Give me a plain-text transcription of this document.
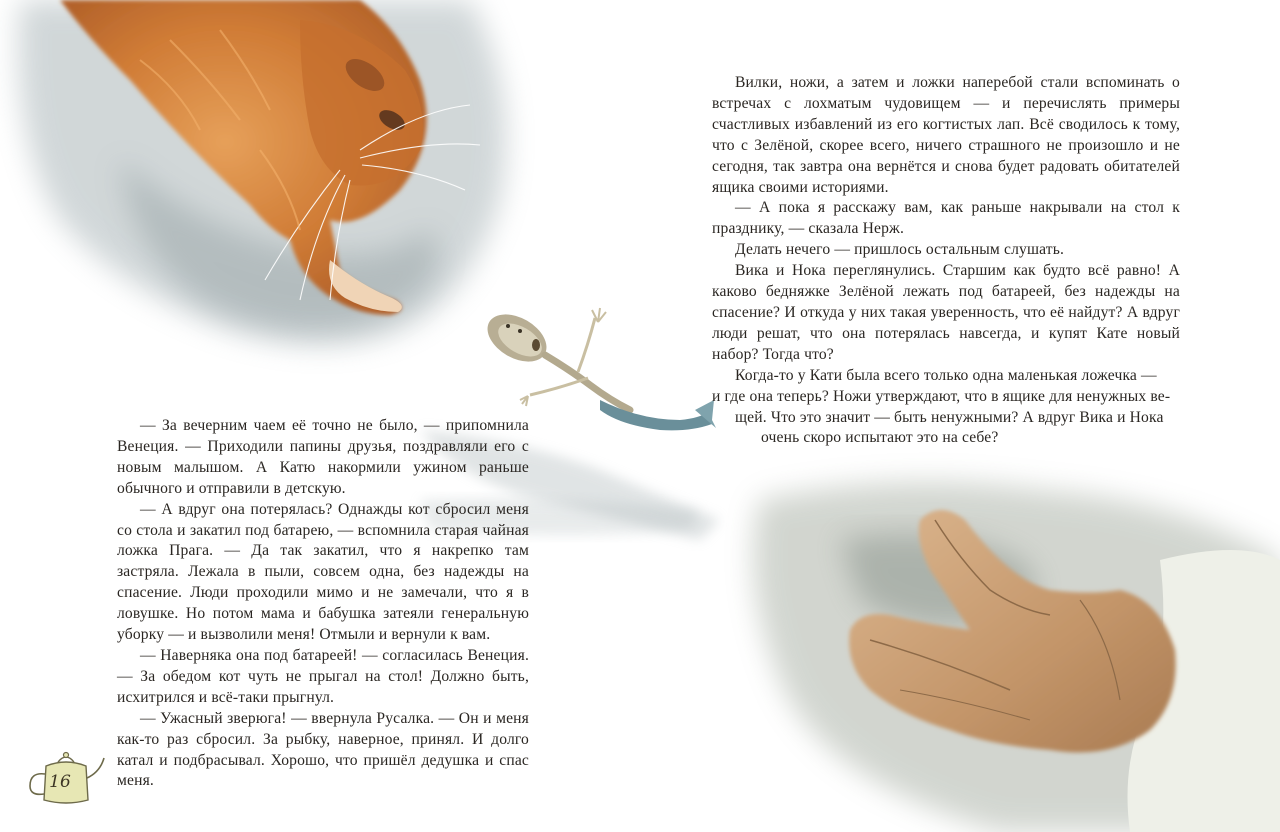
— За вечерним чаем её точно не было, — припомнила Венеция. — Приходили папины друзья, поздравляли его с новым малышом. А Катю накормили ужином раньше обычного и отправили в детскую.

— А вдруг она потерялась? Однажды кот сбросил меня со стола и закатил под батарею, — вспомнила старая чайная ложка Прага. — Да так закатил, что я накрепко там застряла. Лежала в пыли, совсем одна, без надежды на спасение. Люди проходили мимо и не замечали, что я в ловушке. Но потом мама и бабушка затеяли генеральную уборку — и вызволили меня! Отмыли и вернули к вам.

— Наверняка она под батареей! — согласилась Венеция. — За обедом кот чуть не прыгал на стол! Должно быть, исхитрился и всё-таки прыгнул.

— Ужасный зверюга! — ввернула Русалка. — Он и меня как-то раз сбросил. За рыбку, наверное, принял. И долго катал и подбрасывал. Хорошо, что пришёл дедушка и спас меня.

Вилки, ножи, а затем и ложки наперебой стали вспоминать о встречах с лохматым чудовищем — и перечислять примеры счастливых избавлений из его когтистых лап. Всё сводилось к тому, что с Зелёной, скорее всего, ничего страшного не произошло и не сегодня, так завтра она вернётся и снова будет радовать обитателей ящика своими историями.

— А пока я расскажу вам, как раньше накрывали на стол к празднику, — сказала Нерж.

Делать нечего — пришлось остальным слушать.

Вика и Нока переглянулись. Старшим как будто всё равно! А каково бедняжке Зелёной лежать под батареей, без надежды на спасение? И откуда у них такая уверенность, что её найдут? А вдруг люди решат, что она потерялась навсегда, и купят Кате новый набор? Тогда что?

Когда-то у Кати была всего только одна маленькая ложечка —
и где она теперь? Ножи утверждают, что в ящике для ненужных ве-
щей. Что это значит — быть ненужными? А вдруг Вика и Нока
очень скоро испытают это на себе?

16
